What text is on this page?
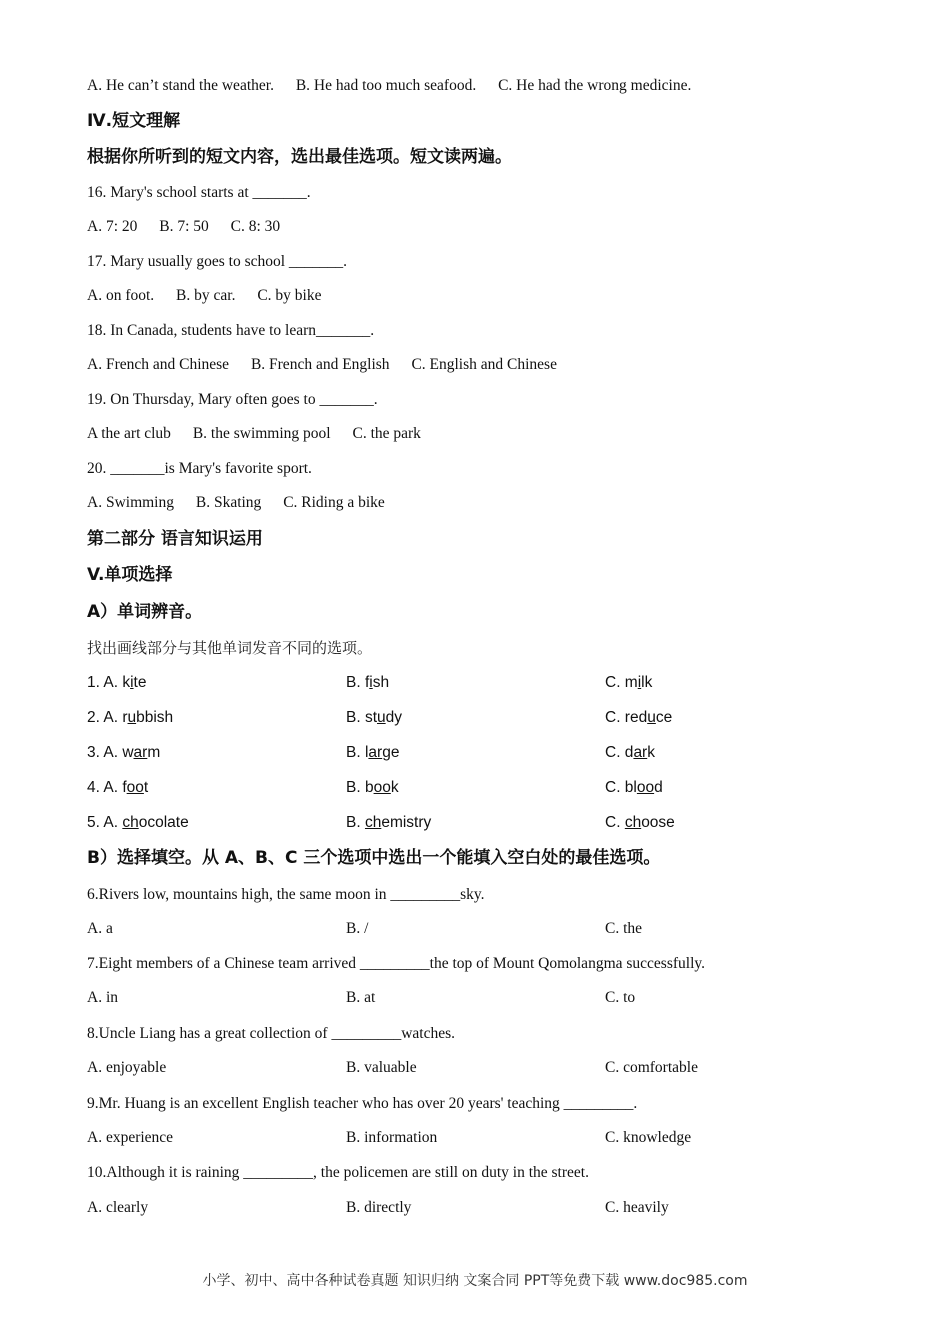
A. He can’t stand the weather. B. He had too much seafood. C. He had the wrong medicine.
Ⅳ.短文理解
根据你所听到的短文内容，选出最佳选项。短文读两遍。
16. Mary's school starts at _______.
A. 7: 20 B. 7: 50 C. 8: 30
17. Mary usually goes to school _______.
A. on foot. B. by car. C. by bike
18. In Canada, students have to learn_______.
A. French and Chinese B. French and English C. English and Chinese
19. On Thursday, Mary often goes to _______.
A the art club B. the swimming pool C. the park
20. _______is Mary's favorite sport.
A. Swimming B. Skating C. Riding a bike
第二部分 语言知识运用
V.单项选择
A）单词辨音。
找出画线部分与其他单词发音不同的选项。
1. A. kite	B. fish	C. milk
2. A. rubbish	B. study	C. reduce
3. A. warm	B. large	C. dark
4. A. foot	B. book	C. blood
5. A. chocolate	B. chemistry	C. choose
B）选择填空。从 A、B、C 三个选项中选出一个能填入空白处的最佳选项。
6.Rivers low, mountains high, the same moon in _________sky.
A. a	B. /	C. the
7.Eight members of a Chinese team arrived _________the top of Mount Qomolangma successfully.
A. in	B. at	C. to
8.Uncle Liang has a great collection of _________watches.
A. enjoyable	B. valuable	C. comfortable
9.Mr. Huang is an excellent English teacher who has over 20 years' teaching _________.
A. experience	B. information	C. knowledge
10.Although it is raining _________, the policemen are still on duty in the street.
A. clearly	B. directly	C. heavily
小学、初中、高中各种试卷真题 知识归纳 文案合同 PPT等免费下载 www.doc985.com
